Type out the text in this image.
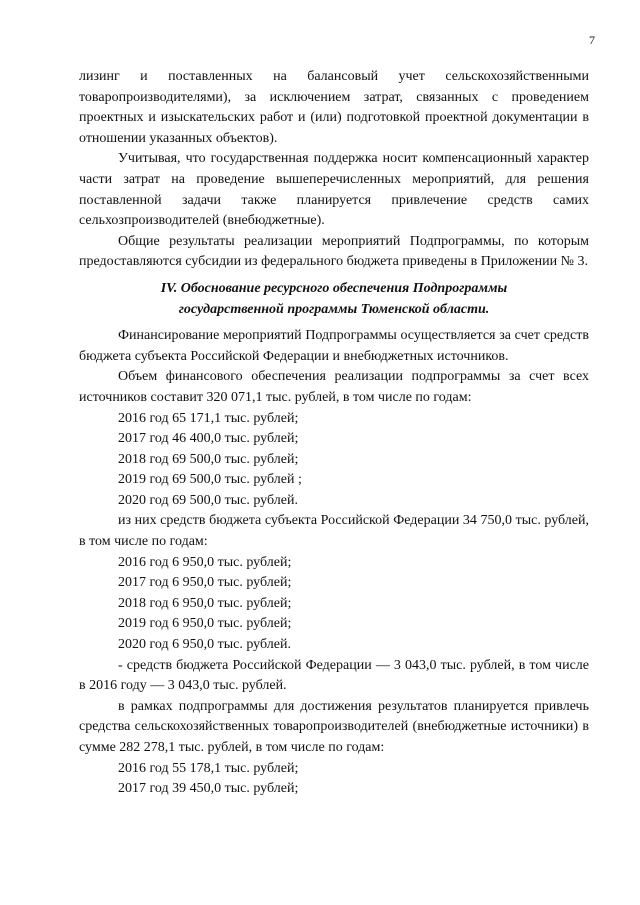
7

лизинг и поставленных на балансовый учет сельскохозяйственными товаропроизводителями), за исключением затрат, связанных с проведением проектных и изыскательских работ и (или) подготовкой проектной документации в отношении указанных объектов).

Учитывая, что государственная поддержка носит компенсационный характер части затрат на проведение вышеперечисленных мероприятий, для решения поставленной задачи также планируется привлечение средств самих сельхозпроизводителей (внебюджетные).

Общие результаты реализации мероприятий Подпрограммы, по которым предоставляются субсидии из федерального бюджета приведены в Приложении № 3.

IV. Обоснование ресурсного обеспечения Подпрограммы
государственной программы Тюменской области.

Финансирование мероприятий Подпрограммы осуществляется за счет средств бюджета субъекта Российской Федерации и внебюджетных источников.

Объем финансового обеспечения реализации подпрограммы за счет всех источников составит 320 071,1 тыс. рублей, в том числе по годам:

2016 год 65 171,1 тыс. рублей;

2017 год 46 400,0 тыс. рублей;

2018 год 69 500,0 тыс. рублей;

2019 год 69 500,0 тыс. рублей ;

2020 год 69 500,0 тыс. рублей.

из них средств бюджета субъекта Российской Федерации 34 750,0 тыс. рублей, в том числе по годам:

2016 год 6 950,0 тыс. рублей;

2017 год 6 950,0 тыс. рублей;

2018 год 6 950,0 тыс. рублей;

2019 год 6 950,0 тыс. рублей;

2020 год 6 950,0 тыс. рублей.

- средств бюджета Российской Федерации — 3 043,0 тыс. рублей, в том числе в 2016 году — 3 043,0 тыс. рублей.

в рамках подпрограммы для достижения результатов планируется привлечь средства сельскохозяйственных товаропроизводителей (внебюджетные источники) в сумме 282 278,1 тыс. рублей, в том числе по годам:

2016 год 55 178,1 тыс. рублей;

2017 год 39 450,0 тыс. рублей;
